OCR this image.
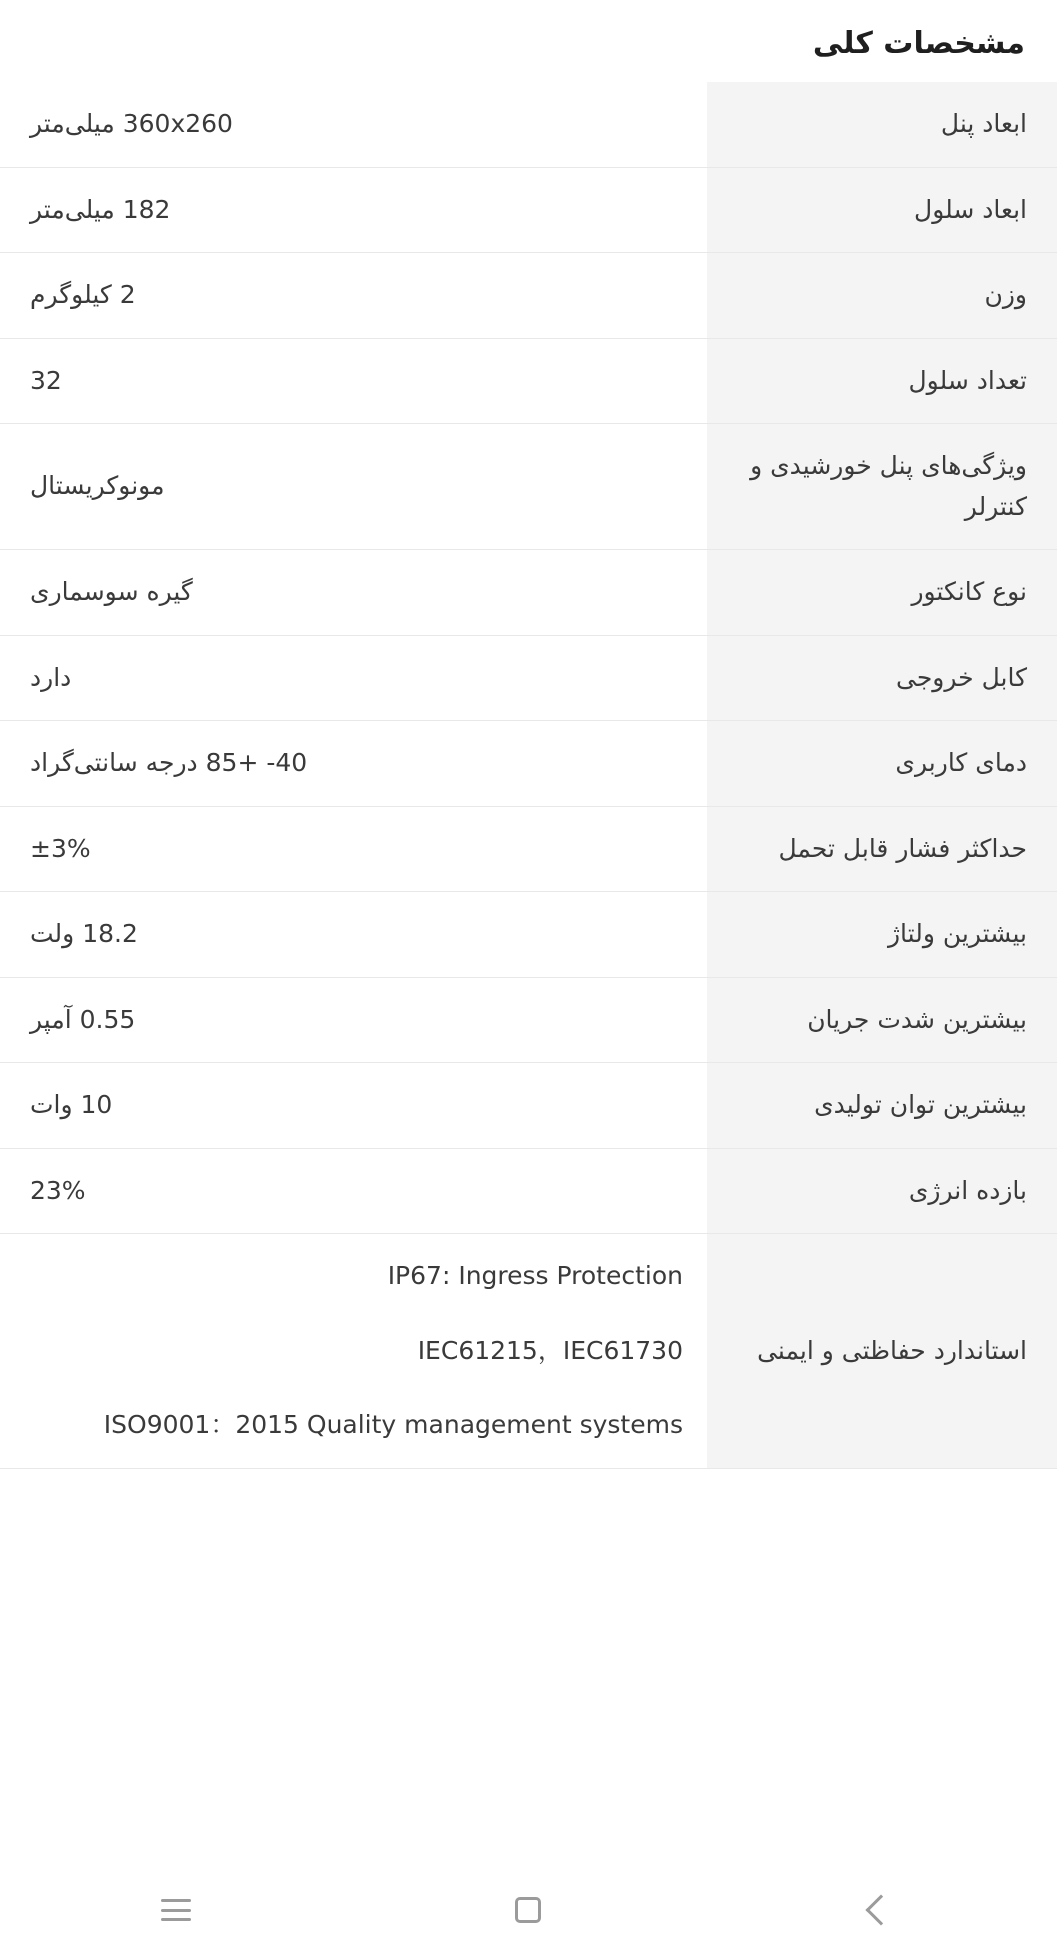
مشخصات کلی
ابعاد پنل	360x260 میلی‌متر
ابعاد سلول	182 میلی‌متر
وزن	2 کیلوگرم
تعداد سلول	32
ویژگی‌های پنل خورشیدی و کنترلر	مونوکریستال
نوع کانکتور	گیره سوسماری
کابل خروجی	دارد
دمای کاربری	40- +85 درجه سانتی‌گراد
حداکثر فشار قابل تحمل	±3%
بیشترین ولتاژ	18.2 ولت
بیشترین شدت جریان	0.55 آمپر
بیشترین توان تولیدی	10 وات
بازده انرژی	23%
استاندارد حفاظتی و ایمنی	IP67: Ingress Protection
IEC61215，IEC61730
ISO9001：2015 Quality management systems
